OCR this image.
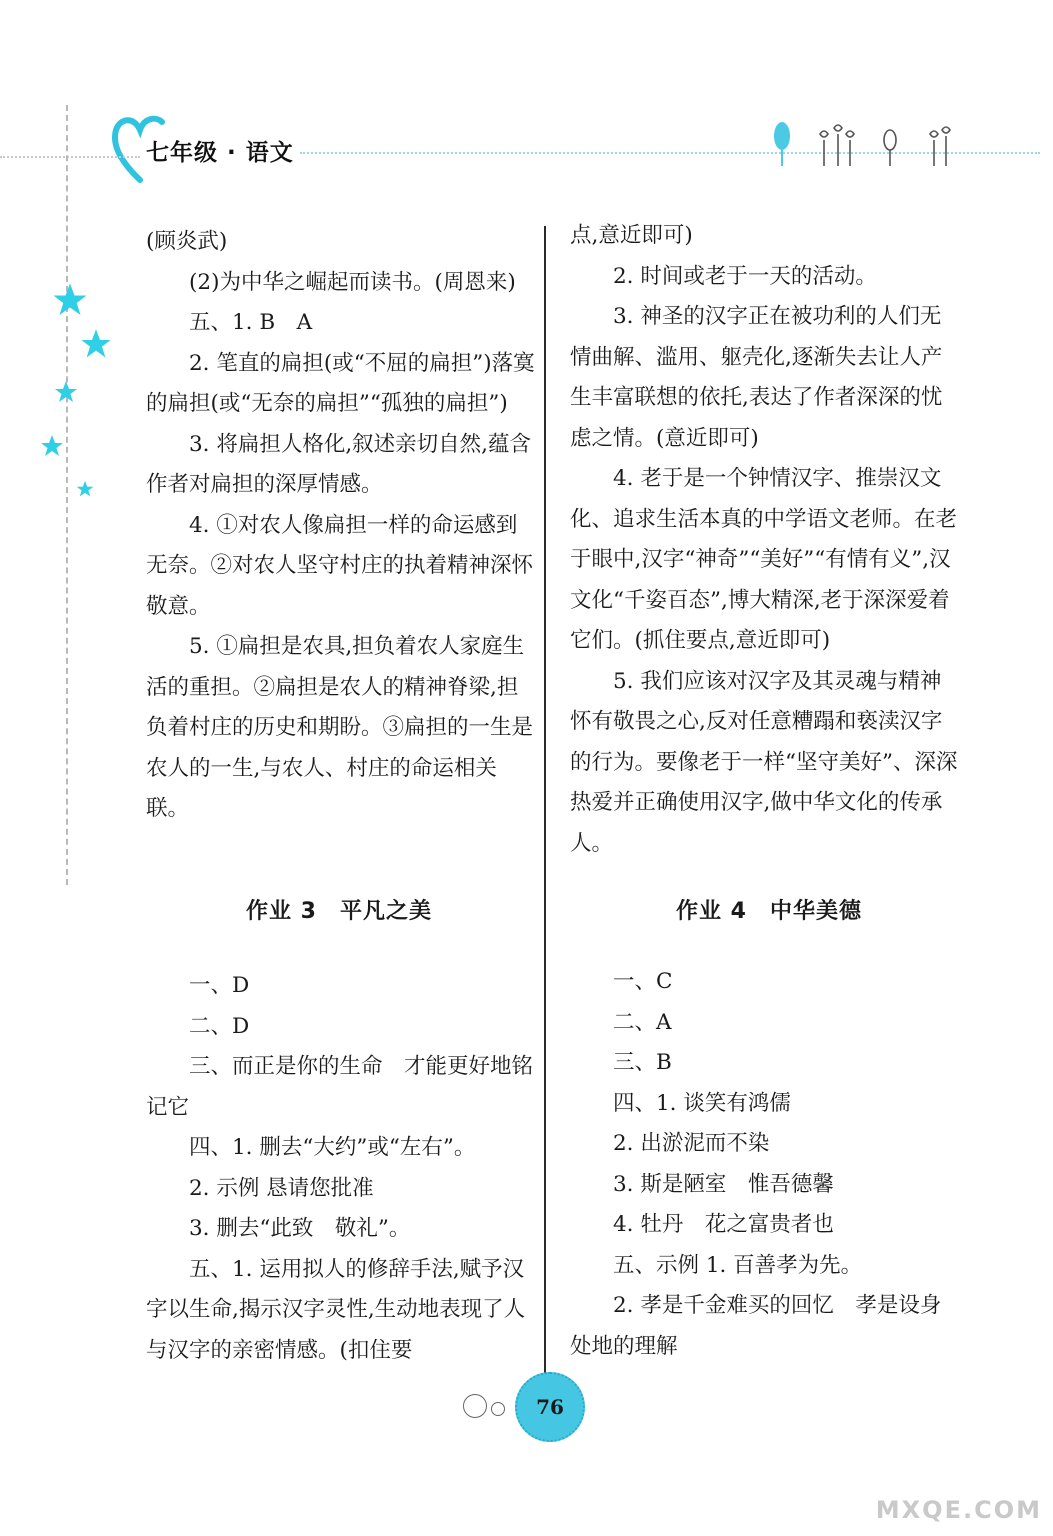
七年级 · 语文

(顾炎武)

(2)为中华之崛起而读书。(周恩来)

五、1. B　A

2. 笔直的扁担(或“不屈的扁担”)落寞的扁担(或“无奈的扁担”“孤独的扁担”)

3. 将扁担人格化,叙述亲切自然,蕴含作者对扁担的深厚情感。

4. ①对农人像扁担一样的命运感到无奈。②对农人坚守村庄的执着精神深怀敬意。

5. ①扁担是农具,担负着农人家庭生活的重担。②扁担是农人的精神脊梁,担负着村庄的历史和期盼。③扁担的一生是农人的一生,与农人、村庄的命运相关联。

点,意近即可)

2. 时间或老于一天的活动。

3. 神圣的汉字正在被功利的人们无情曲解、滥用、躯壳化,逐渐失去让人产生丰富联想的依托,表达了作者深深的忧虑之情。(意近即可)

4. 老于是一个钟情汉字、推崇汉文化、追求生活本真的中学语文老师。在老于眼中,汉字“神奇”“美好”“有情有义”,汉文化“千姿百态”,博大精深,老于深深爱着它们。(抓住要点,意近即可)

5. 我们应该对汉字及其灵魂与精神怀有敬畏之心,反对任意糟蹋和亵渎汉字的行为。要像老于一样“坚守美好”、深深热爱并正确使用汉字,做中华文化的传承人。

作业 3　平凡之美	作业 4　中华美德

一、D

二、D

三、而正是你的生命　才能更好地铭记它

四、1. 删去“大约”或“左右”。

2. 示例 恳请您批准

3. 删去“此致　敬礼”。

五、1. 运用拟人的修辞手法,赋予汉字以生命,揭示汉字灵性,生动地表现了人与汉字的亲密情感。(扣住要

一、C

二、A

三、B

四、1. 谈笑有鸿儒

2. 出淤泥而不染

3. 斯是陋室　惟吾德馨

4. 牡丹　花之富贵者也

五、示例 1. 百善孝为先。

2. 孝是千金难买的回忆　孝是设身处地的理解

76
MXQE.COM
